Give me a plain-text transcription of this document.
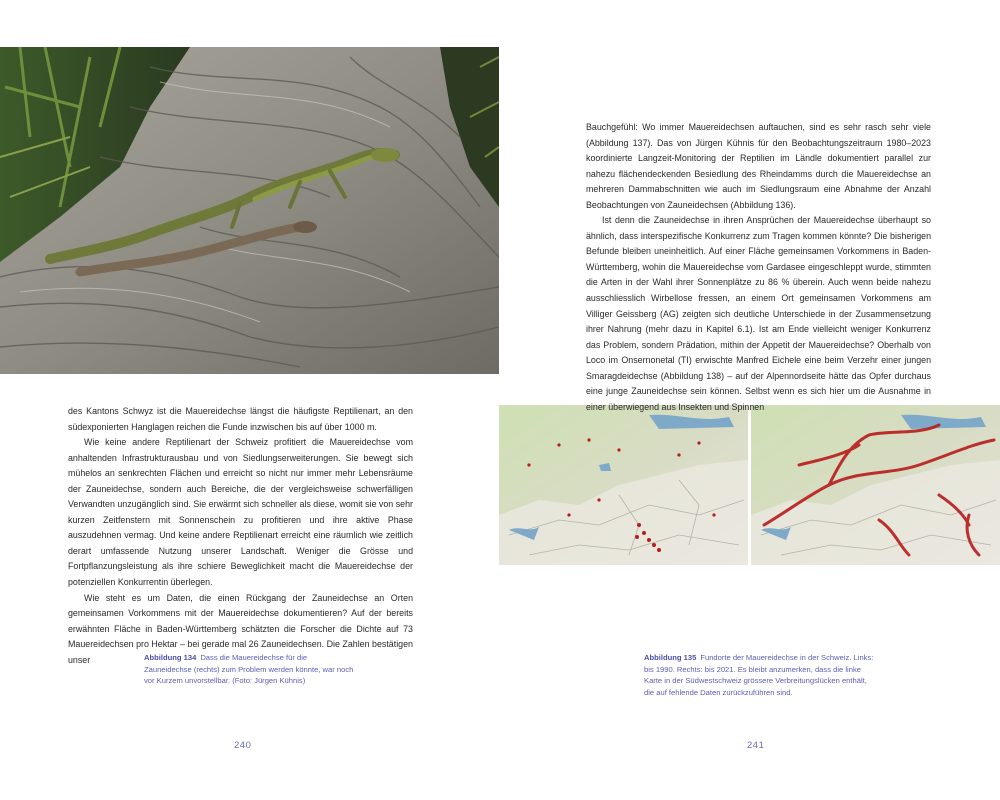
des Kantons Schwyz ist die Mauereidechse längst die häufigste Reptilienart, an den südexponierten Hanglagen reichen die Funde inzwischen bis auf über 1000 m.

Wie keine andere Reptilienart der Schweiz profitiert die Mauereidechse vom anhaltenden Infrastrukturausbau und von Siedlungserweiterungen. Sie bewegt sich mühelos an senkrechten Flächen und erreicht so nicht nur immer mehr Lebensräume der Zauneidechse, sondern auch Bereiche, die der vergleichsweise schwerfälligen Verwandten unzugänglich sind. Sie erwärmt sich schneller als diese, womit sie von sehr kurzen Zeitfenstern mit Sonnenschein zu profitieren und ihre aktive Phase auszudehnen vermag. Und keine andere Reptilienart erreicht eine räumlich wie zeitlich derart umfassende Nutzung unserer Landschaft. Weniger die Grösse und Fortpflanzungsleistung als ihre schiere Beweglichkeit macht die Mauereidechse der potenziellen Konkurrentin überlegen.

Wie steht es um Daten, die einen Rückgang der Zauneidechse an Orten gemeinsamen Vorkommens mit der Mauereidechse dokumentieren? Auf der bereits erwähnten Fläche in Baden-Württemberg schätzten die Forscher die Dichte auf 73 Mauereidechsen pro Hektar – bei gerade mal 26 Zauneidechsen. Die Zahlen bestätigen unser

Bauchgefühl: Wo immer Mauereidechsen auftauchen, sind es sehr rasch sehr viele (Abbildung 137). Das von Jürgen Kühnis für den Beobachtungszeitraum 1980–2023 koordinierte Langzeit-Monitoring der Reptilien im Ländle dokumentiert parallel zur nahezu flächendeckenden Besiedlung des Rheindamms durch die Mauereidechse an mehreren Dammabschnitten wie auch im Siedlungsraum eine Abnahme der Anzahl Beobachtungen von Zauneidechsen (Abbildung 136).

Ist denn die Zauneidechse in ihren Ansprüchen der Mauereidechse überhaupt so ähnlich, dass interspezifische Konkurrenz zum Tragen kommen könnte? Die bisherigen Befunde bleiben uneinheitlich. Auf einer Fläche gemeinsamen Vorkommens in Baden-Württemberg, wohin die Mauereidechse vom Gardasee eingeschleppt wurde, stimmten die Arten in der Wahl ihrer Sonnenplätze zu 86 % überein. Auch wenn beide nahezu ausschliesslich Wirbellose fressen, an einem Ort gemeinsamen Vorkommens am Villiger Geissberg (AG) zeigten sich deutliche Unterschiede in der Zusammensetzung ihrer Nahrung (mehr dazu in Kapitel 6.1). Ist am Ende vielleicht weniger Konkurrenz das Problem, sondern Prädation, mithin der Appetit der Mauereidechse? Oberhalb von Loco im Onsernonetal (TI) erwischte Manfred Eichele eine beim Verzehr einer jungen Smaragdeidechse (Abbildung 138) – auf der Alpennordseite hätte das Opfer durchaus eine junge Zauneidechse sein können. Selbst wenn es sich hier um die Ausnahme in einer überwiegend aus Insekten und Spinnen

Abbildung 134 Dass die Mauereidechse für die Zauneidechse (rechts) zum Problem werden könnte, war noch vor Kurzem unvorstellbar. (Foto: Jürgen Kühnis)
Abbildung 135 Fundorte der Mauereidechse in der Schweiz. Links: bis 1990. Rechts: bis 2021. Es bleibt anzumerken, dass die linke Karte in der Südwestschweiz grössere Verbreitungslücken enthält, die auf fehlende Daten zurückzuführen sind.
240	241
